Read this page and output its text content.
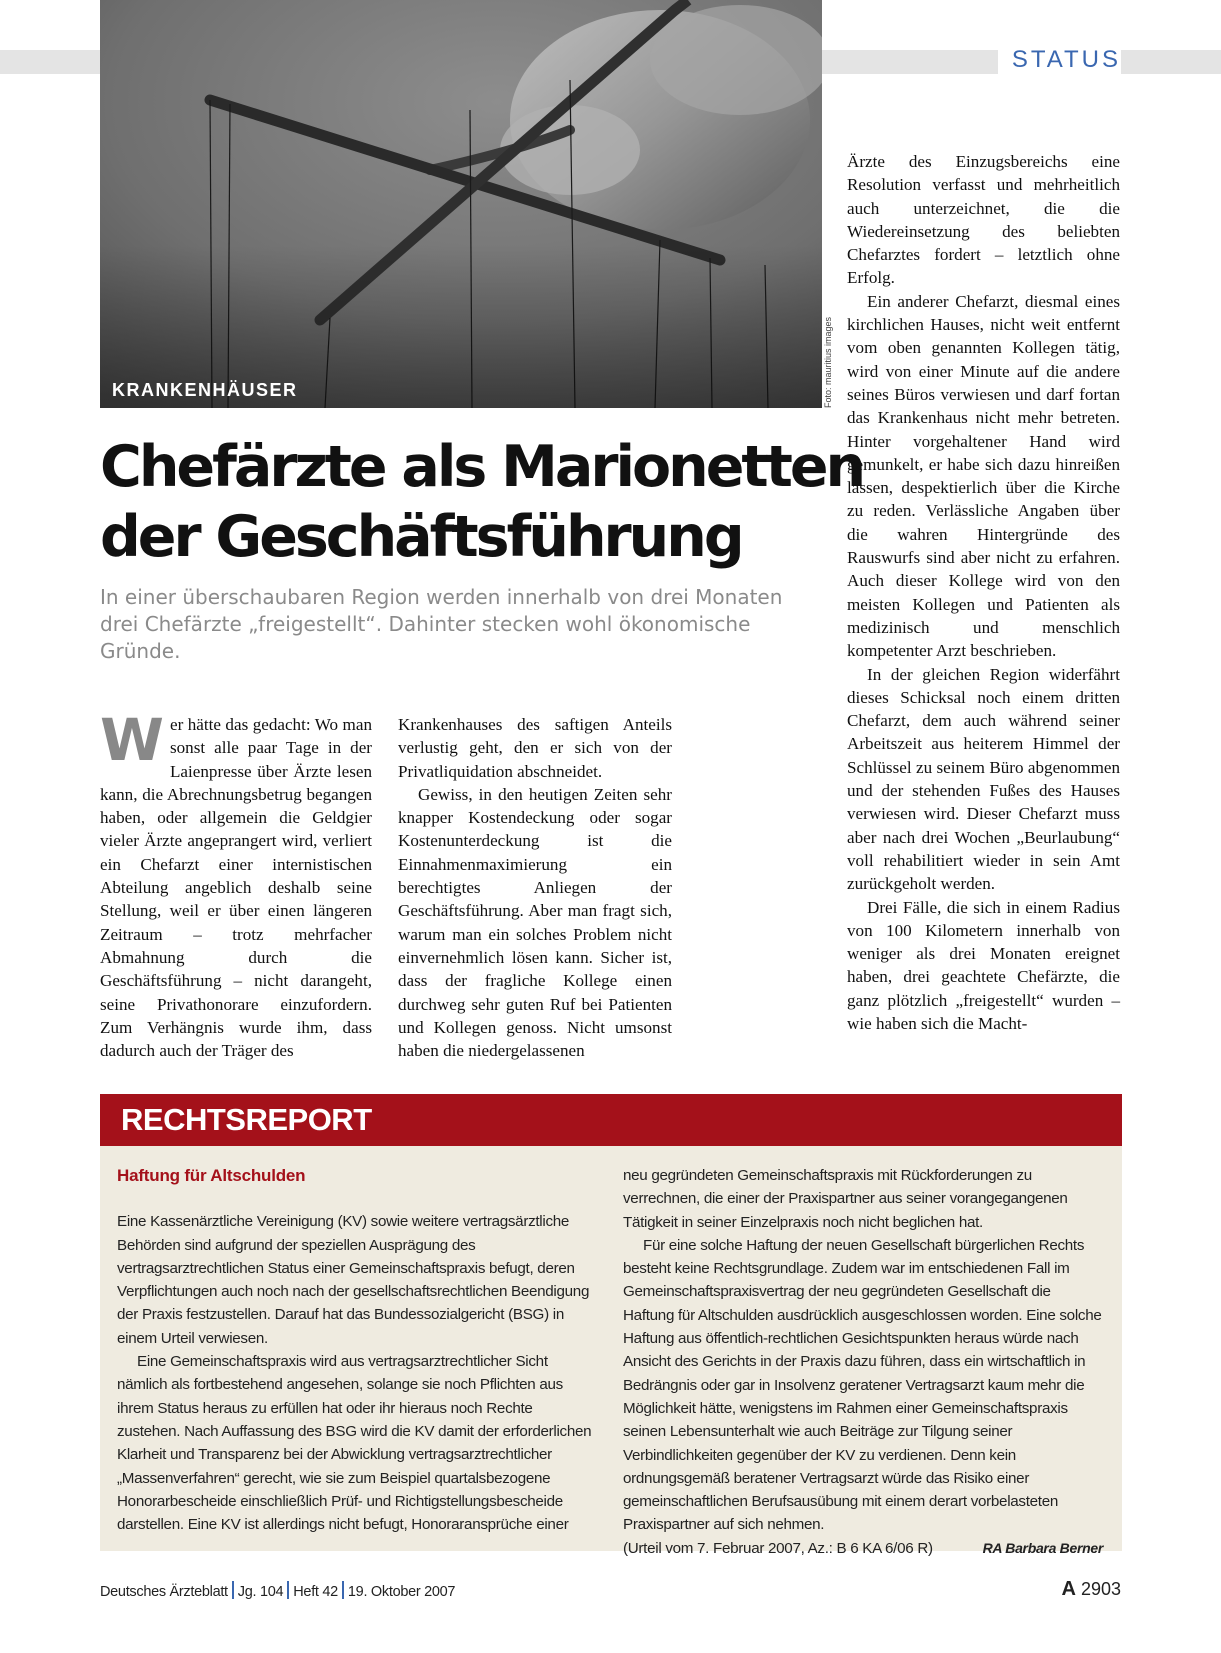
STATUS
KRANKENHÄUSER	Foto: mauritius images
Chefärzte als Marionetten
der Geschäftsführung

In einer überschaubaren Region werden innerhalb von drei Monaten drei Chefärzte „freigestellt“. Dahinter stecken wohl ökonomische Gründe.

Wer hätte das gedacht: Wo man sonst alle paar Tage in der Laienpresse über Ärzte lesen kann, die Abrechnungsbetrug begangen haben, oder allgemein die Geldgier vieler Ärzte angeprangert wird, verliert ein Chefarzt einer internistischen Abteilung angeblich deshalb seine Stellung, weil er über einen längeren Zeitraum – trotz mehrfacher Abmahnung durch die Geschäftsführung – nicht darangeht, seine Privathonorare einzufordern. Zum Verhängnis wurde ihm, dass dadurch auch der Träger des

Krankenhauses des saftigen Anteils verlustig geht, den er sich von der Privatliquidation abschneidet.

Gewiss, in den heutigen Zeiten sehr knapper Kostendeckung oder sogar Kostenunterdeckung ist die Einnahmenmaximierung ein berechtigtes Anliegen der Geschäftsführung. Aber man fragt sich, warum man ein solches Problem nicht einvernehmlich lösen kann. Sicher ist, dass der fragliche Kollege einen durchweg sehr guten Ruf bei Patienten und Kollegen genoss. Nicht umsonst haben die niedergelassenen

Ärzte des Einzugsbereichs eine Resolution verfasst und mehrheitlich auch unterzeichnet, die die Wiedereinsetzung des beliebten Chefarztes fordert – letztlich ohne Erfolg.

Ein anderer Chefarzt, diesmal eines kirchlichen Hauses, nicht weit entfernt vom oben genannten Kollegen tätig, wird von einer Minute auf die andere seines Büros verwiesen und darf fortan das Krankenhaus nicht mehr betreten. Hinter vorgehaltener Hand wird gemunkelt, er habe sich dazu hinreißen lassen, despektierlich über die Kirche zu reden. Verlässliche Angaben über die wahren Hintergründe des Rauswurfs sind aber nicht zu erfahren. Auch dieser Kollege wird von den meisten Kollegen und Patienten als medizinisch und menschlich kompetenter Arzt beschrieben.

In der gleichen Region widerfährt dieses Schicksal noch einem dritten Chefarzt, dem auch während seiner Arbeitszeit aus heiterem Himmel der Schlüssel zu seinem Büro abgenommen und der stehenden Fußes des Hauses verwiesen wird. Dieser Chefarzt muss aber nach drei Wochen „Beurlaubung“ voll rehabilitiert wieder in sein Amt zurückgeholt werden.

Drei Fälle, die sich in einem Radius von 100 Kilometern innerhalb von weniger als drei Monaten ereignet haben, drei geachtete Chefärzte, die ganz plötzlich „freigestellt“ wurden – wie haben sich die Macht-

RECHTSREPORT

Haftung für Altschulden

Eine Kassenärztliche Vereinigung (KV) sowie weitere vertragsärztliche Behörden sind aufgrund der speziellen Ausprägung des vertragsarztrechtlichen Status einer Gemeinschaftspraxis befugt, deren Verpflichtungen auch noch nach der gesellschaftsrechtlichen Beendigung der Praxis festzustellen. Darauf hat das Bundessozialgericht (BSG) in einem Urteil verwiesen.

Eine Gemeinschaftspraxis wird aus vertragsarztrechtlicher Sicht nämlich als fortbestehend angesehen, solange sie noch Pflichten aus ihrem Status heraus zu erfüllen hat oder ihr hieraus noch Rechte zustehen. Nach Auffassung des BSG wird die KV damit der erforderlichen Klarheit und Transparenz bei der Abwicklung vertragsarztrechtlicher „Massenverfahren“ gerecht, wie sie zum Beispiel quartalsbezogene Honorarbescheide einschließlich Prüf- und Richtigstellungsbescheide darstellen. Eine KV ist allerdings nicht befugt, Honoraransprüche einer

neu gegründeten Gemeinschaftspraxis mit Rückforderungen zu verrechnen, die einer der Praxispartner aus seiner vorangegangenen Tätigkeit in seiner Einzelpraxis noch nicht beglichen hat.

Für eine solche Haftung der neuen Gesellschaft bürgerlichen Rechts besteht keine Rechtsgrundlage. Zudem war im entschiedenen Fall im Gemeinschaftspraxisvertrag der neu gegründeten Gesellschaft die Haftung für Altschulden ausdrücklich ausgeschlossen worden. Eine solche Haftung aus öffentlich-rechtlichen Gesichtspunkten heraus würde nach Ansicht des Gerichts in der Praxis dazu führen, dass ein wirtschaftlich in Bedrängnis oder gar in Insolvenz geratener Vertragsarzt kaum mehr die Möglichkeit hätte, wenigstens im Rahmen einer Gemeinschaftspraxis seinen Lebensunterhalt wie auch Beiträge zur Tilgung seiner Verbindlichkeiten gegenüber der KV zu verdienen. Denn kein ordnungsgemäß beratener Vertragsarzt würde das Risiko einer gemeinschaftlichen Berufsausübung mit einem derart vorbelasteten Praxispartner auf sich nehmen.

RA Barbara Berner
(Urteil vom 7. Februar 2007, Az.: B 6 KA 6/06 R)

Deutsches Ärzteblatt Jg. 104 Heft 42 19. Oktober 2007	A 2903
